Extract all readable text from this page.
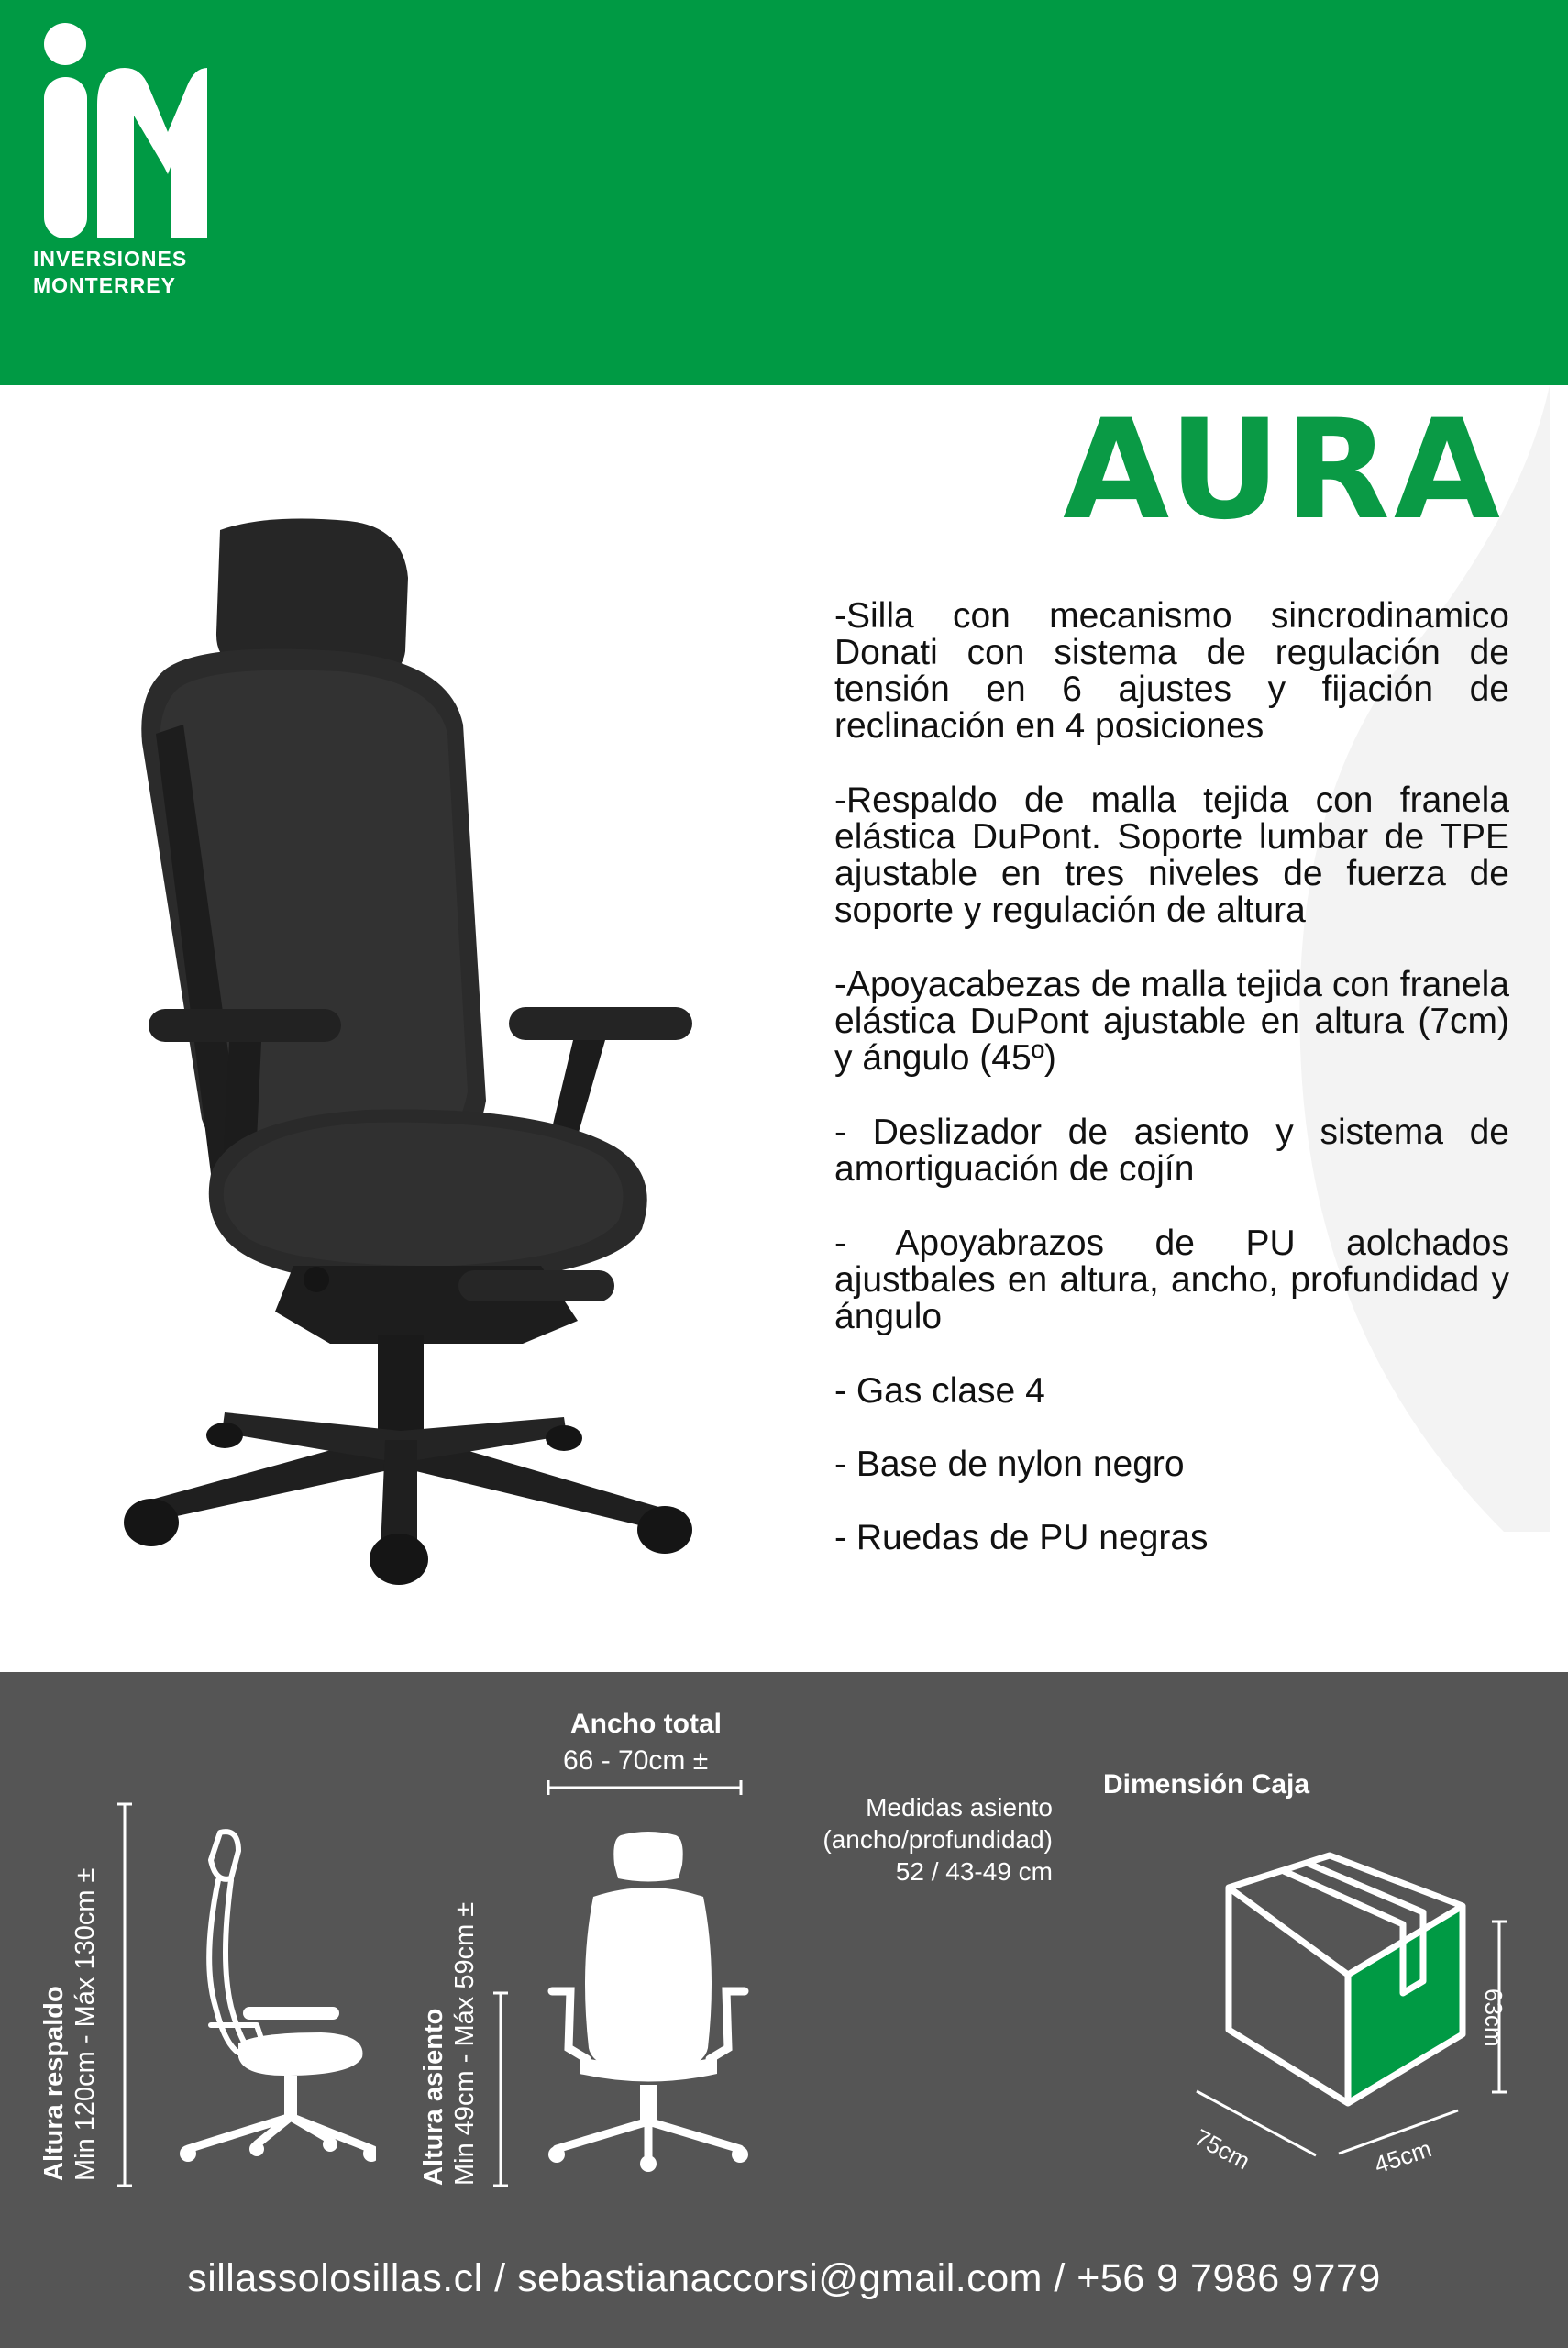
INVERSIONES
MONTERREY
AURA
-Silla con mecanismo sincrodinamico Donati con sistema de regulación de tensión en 6 ajustes y fijación de reclinación en 4 posiciones
-Respaldo de malla tejida con franela elástica DuPont. Soporte lumbar de TPE ajustable en tres niveles de fuerza de soporte y regulación de altura
-Apoyacabezas de malla tejida con franela elástica DuPont ajustable en altura (7cm) y ángulo (45º)
- Deslizador de asiento y sistema de amortiguación de cojín
- Apoyabrazos de PU aolchados ajustbales en altura, ancho, profundidad y ángulo
- Gas clase 4
- Base de nylon negro
- Ruedas de PU negras
Altura respaldo Min 120cm - Máx 130cm ±	Altura asiento Min 49cm - Máx 59cm ±
Ancho total
66 - 70cm ±
Medidas asiento
(ancho/profundidad)
52 / 43-49 cm
Dimensión Caja
63cm
75cm	45cm
sillassolosillas.cl / sebastianaccorsi@gmail.com / +56 9 7986 9779
